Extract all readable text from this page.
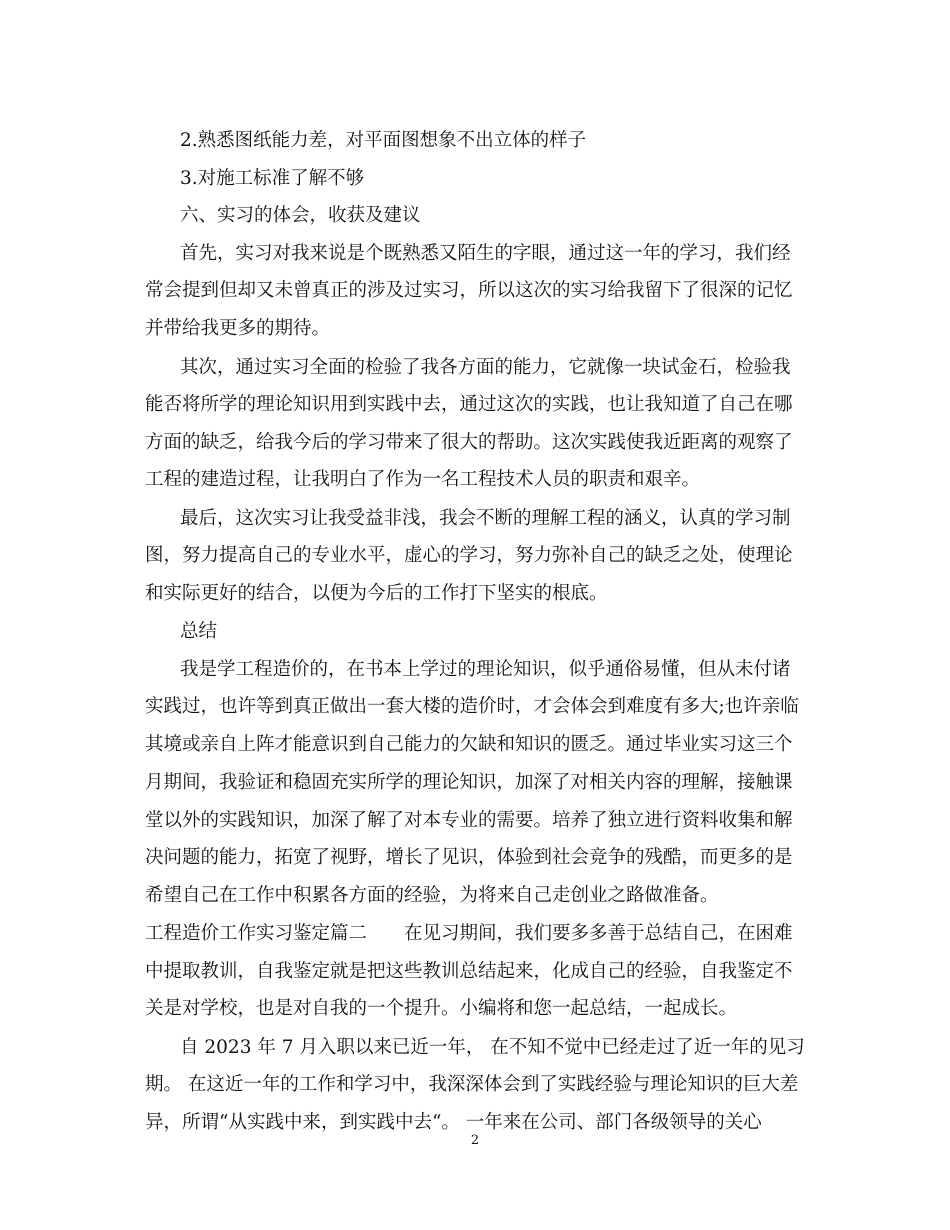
2.熟悉图纸能力差，对平面图想象不出立体的样子
3.对施工标准了解不够
六、实习的体会，收获及建议
首先，实习对我来说是个既熟悉又陌生的字眼，通过这一年的学习，我们经
常会提到但却又未曾真正的涉及过实习，所以这次的实习给我留下了很深的记忆
并带给我更多的期待。
其次，通过实习全面的检验了我各方面的能力，它就像一块试金石，检验我
能否将所学的理论知识用到实践中去，通过这次的实践，也让我知道了自己在哪
方面的缺乏，给我今后的学习带来了很大的帮助。这次实践使我近距离的观察了
工程的建造过程，让我明白了作为一名工程技术人员的职责和艰辛。
最后，这次实习让我受益非浅，我会不断的理解工程的涵义，认真的学习制
图，努力提高自己的专业水平，虚心的学习，努力弥补自己的缺乏之处，使理论
和实际更好的结合，以便为今后的工作打下坚实的根底。
总结
我是学工程造价的，在书本上学过的理论知识，似乎通俗易懂，但从未付诸
实践过，也许等到真正做出一套大楼的造价时，才会体会到难度有多大;也许亲临
其境或亲自上阵才能意识到自己能力的欠缺和知识的匮乏。通过毕业实习这三个
月期间，我验证和稳固充实所学的理论知识，加深了对相关内容的理解，接触课
堂以外的实践知识，加深了解了对本专业的需要。培养了独立进行资料收集和解
决问题的能力，拓宽了视野，增长了见识，体验到社会竞争的残酷，而更多的是
希望自己在工作中积累各方面的经验，为将来自己走创业之路做准备。
工程造价工作实习鉴定篇二　　在见习期间，我们要多多善于总结自己，在困难
中提取教训，自我鉴定就是把这些教训总结起来，化成自己的经验，自我鉴定不
关是对学校，也是对自我的一个提升。小编将和您一起总结，一起成长。
自 2023 年 7 月入职以来已近一年， 在不知不觉中已经走过了近一年的见习
期。 在这近一年的工作和学习中，我深深体会到了实践经验与理论知识的巨大差
异，所谓“从实践中来，到实践中去“。 一年来在公司、部门各级领导的关心
2
